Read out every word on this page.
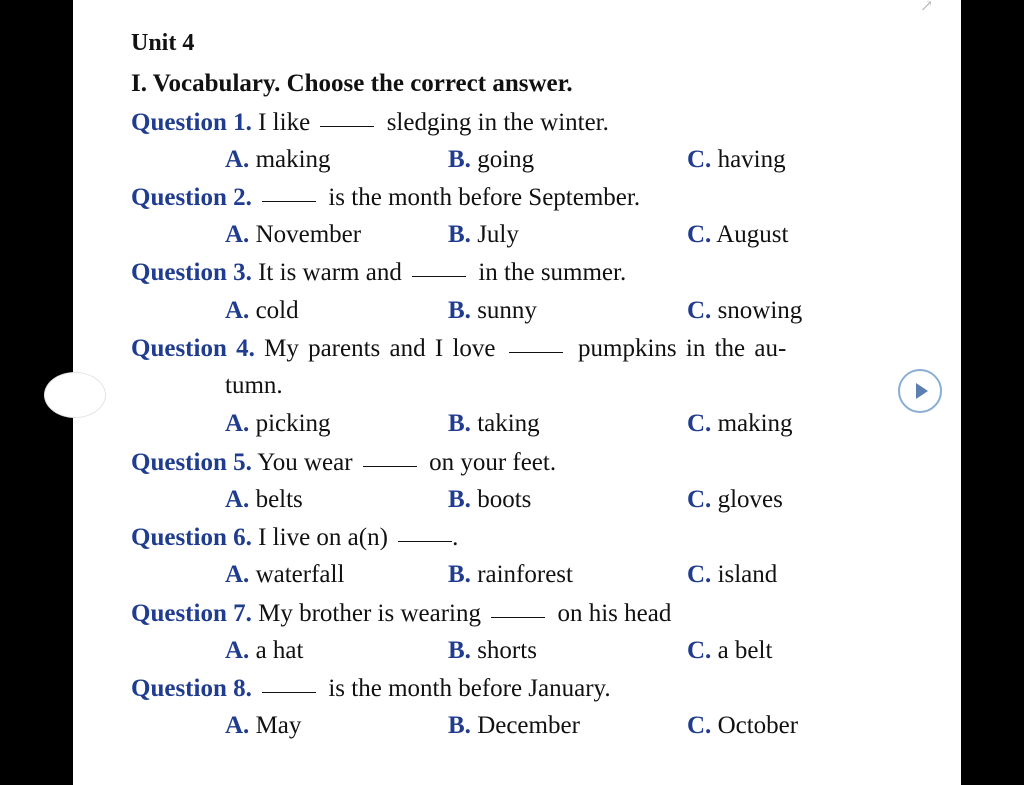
Unit 4
I. Vocabulary. Choose the correct answer.
Question 1. I like	sledging in the winter.
A. making	B. going	C. having
Question 2.	is the month before September.
A. November	B. July	C. August
Question 3. It is warm and	in the summer.
A. cold	B. sunny	C. snowing
Question 4. My parents and I love	pumpkins in the au-
tumn.
A. picking	B. taking	C. making
Question 5. You wear	on your feet.
A. belts	B. boots	C. gloves
Question 6. I live on a(n)	.
A. waterfall	B. rainforest	C. island
Question 7. My brother is wearing	on his head
A. a hat	B. shorts	C. a belt
Question 8.	is the month before January.
A. May	B. December	C. October
↗
